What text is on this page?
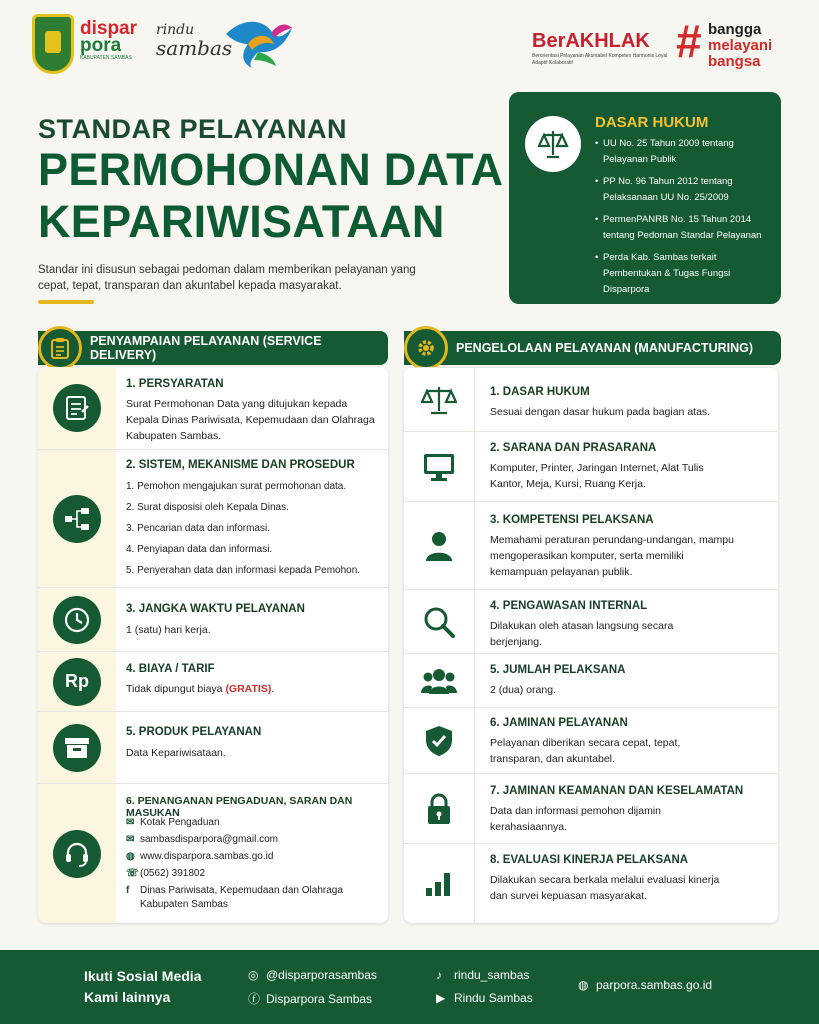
dispar
pora
KABUPATEN SAMBAS
rindu
sambas	BerAKHLAK
Berorientasi Pelayanan Akuntabel Kompeten Harmonis Loyal Adaptif Kolaboratif	# bangga
melayani
bangsa
STANDAR PELAYANAN
PERMOHONAN DATA
KEPARIWISATAAN
Standar ini disusun sebagai pedoman dalam memberikan pelayanan yang cepat, tepat, transparan dan akuntabel kepada masyarakat.
DASAR HUKUM
• UU No. 25 Tahun 2009 tentang Pelayanan Publik
• PP No. 96 Tahun 2012 tentang Pelaksanaan UU No. 25/2009
• PermenPANRB No. 15 Tahun 2014 tentang Pedoman Standar Pelayanan
• Perda Kab. Sambas terkait Pembentukan & Tugas Fungsi Disparpora
PENYAMPAIAN PELAYANAN (SERVICE DELIVERY)
1. PERSYARATAN
Surat Permohonan Data yang ditujukan kepada Kepala Dinas Pariwisata, Kepemudaan dan Olahraga Kabupaten Sambas.
2. SISTEM, MEKANISME DAN PROSEDUR
1. Pemohon mengajukan surat permohonan data.
2. Surat disposisi oleh Kepala Dinas.
3. Pencarian data dan informasi.
4. Penyiapan data dan informasi.
5. Penyerahan data dan informasi kepada Pemohon.
3. JANGKA WAKTU PELAYANAN
1 (satu) hari kerja.
Rp
4. BIAYA / TARIF
Tidak dipungut biaya (GRATIS).
5. PRODUK PELAYANAN
Data Kepariwisataan.
6. PENANGANAN PENGADUAN, SARAN DAN MASUKAN
✉ Kotak Pengaduan
✉ sambasdisparpora@gmail.com
◍ www.disparpora.sambas.go.id
☏(0562) 391802
f	Dinas Pariwisata, Kepemudaan dan Olahraga Kabupaten Sambas
PENGELOLAAN PELAYANAN (MANUFACTURING)
1. DASAR HUKUM
Sesuai dengan dasar hukum pada bagian atas.
2. SARANA DAN PRASARANA
Komputer, Printer, Jaringan Internet, Alat Tulis Kantor, Meja, Kursi, Ruang Kerja.
3. KOMPETENSI PELAKSANA
Memahami peraturan perundang-undangan, mampu mengoperasikan komputer, serta memiliki kemampuan pelayanan publik.
4. PENGAWASAN INTERNAL
Dilakukan oleh atasan langsung secara berjenjang.
5. JUMLAH PELAKSANA
2 (dua) orang.
6. JAMINAN PELAYANAN
Pelayanan diberikan secara cepat, tepat, transparan, dan akuntabel.
7. JAMINAN KEAMANAN DAN KESELAMATAN
Data dan informasi pemohon dijamin kerahasiaannya.
8. EVALUASI KINERJA PELAKSANA
Dilakukan secara berkala melalui evaluasi kinerja dan survei kepuasan masyarakat.
Ikuti Sosial Media
Kami lainnya
◎ @disparporasambas
ⓕ Disparpora Sambas
♪ rindu_sambas
▶ Rindu Sambas
◍ parpora.sambas.go.id
